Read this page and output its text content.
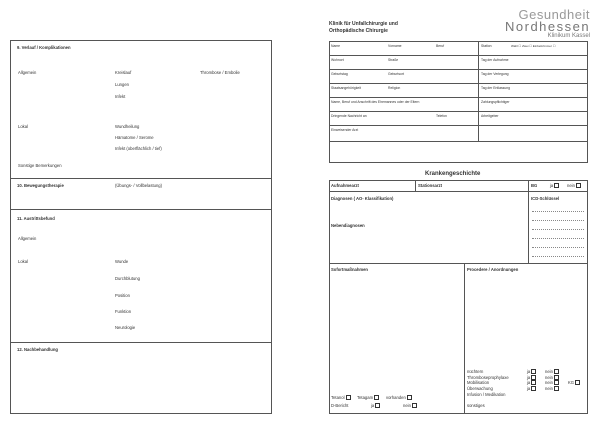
9. Verlauf / Komplikationen
Allgemein	Kreislauf	Thrombose / Embolie
Lungen
Infekt
Lokal	Wundheilung
Hämatome / Serome
Infekt (oberflächlich / tief)
Sonstige Bemerkungen
10. Bewegungstherapie	(Übungs- / Vollbelastung)
11. Austrittsbefund
Allgemein
Lokal	Wunde
Durchblutung
Position
Funktion
Neurologie
12. Nachbehandlung
Klinik für Unfallchirurgie und
Orthopädische Chirurgie
Gesundheit
Nordhessen
Klinikum Kassel
Name	Vorname	Beruf	Station	Wahl ☐ Zwei ☐ Einbettzimmer ☐
Wohnort	Straße	Tag der Aufnahme
Geburtstag	Geburtsort	Tag der Verlegung
Staatsangehörigkeit	Religion	Tag der Entlassung
Name, Beruf und Anschrift des Ehemannes oder der Eltern	Zahlungspflichtiger
Dringende Nachricht an	Telefon	Arbeitgeber
Einweisender Arzt
Krankengeschichte
Aufnahmearzt	Stationsarzt	BG	ja	nein
Diagnosen ( AO- Klassifikation)	ICD-Schlüssel
Nebendiagnosen
Sofortmaßnahmen	Procedere / Anordnungen
Tetanol	Tetagam	vorhanden
D-Bericht	ja	nein
nüchtern	ja	nein
Thromboseprophylaxe	ja	nein
Mobilisation	ja	nein	KG
Überwachung	ja	nein
Infusion / Medikation
sonstiges
